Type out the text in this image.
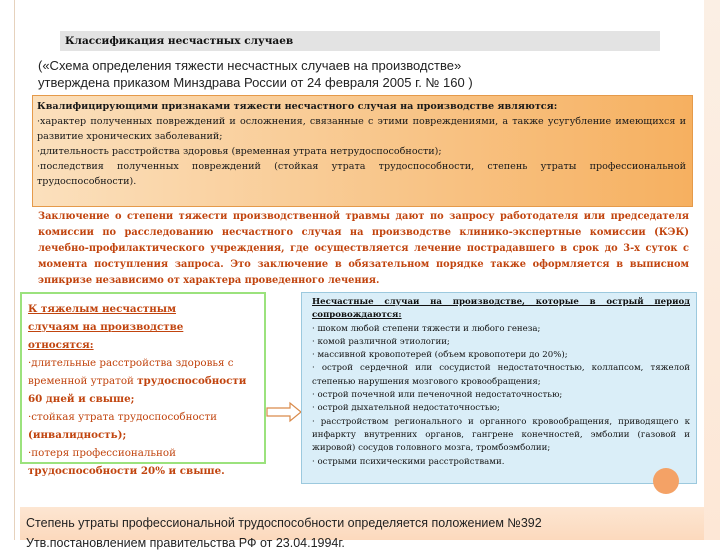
Классификация несчастных случаев
(«Схема определения тяжести несчастных случаев на производстве»
утверждена приказом Минздрава России от 24 февраля 2005 г. № 160 )
Квалифицирующими признаками тяжести несчастного случая на производстве являются:
·характер полученных повреждений и осложнения, связанные с этими повреждениями, а также усугубление имеющихся и развитие хронических заболеваний;
·длительность расстройства здоровья (временная утрата нетрудоспособности);
·последствия полученных повреждений (стойкая утрата трудоспособности, степень утраты профессиональной трудоспособности).
Заключение о степени тяжести производственной травмы дают по запросу работодателя или председателя комиссии по расследованию несчастного случая на производстве клинико-экспертные комиссии (КЭК) лечебно-профилактического учреждения, где осуществляется лечение пострадавшего в срок до 3-х суток с момента поступления запроса. Это заключение в обязательном порядке также оформляется в выписном эпикризе независимо от характера проведенного лечения.
К тяжелым несчастным
случаям на производстве
относятся:
·длительные расстройства здоровья с временной утратой трудоспособности 60 дней и свыше;
·стойкая утрата трудоспособности (инвалидность);
·потеря профессиональной трудоспособности 20% и свыше.
Несчастные случаи на производстве, которые в острый период
сопровождаются:
· шоком любой степени тяжести и любого генеза;
· комой различной этиологии;
· массивной кровопотерей (объем кровопотери до 20%);
· острой сердечной или сосудистой недостаточностью, коллапсом, тяжелой степенью нарушения мозгового кровообращения;
· острой почечной или печеночной недостаточностью;
· острой дыхательной недостаточностью;
· расстройством регионального и органного кровообращения, приводящего к инфаркту внутренних органов, гангрене конечностей, эмболии (газовой и жировой) сосудов головного мозга, тромбоэмболии;
· острыми психическими расстройствами.
Степень утраты профессиональной трудоспособности определяется положением №392
Утв.постановлением правительства РФ от 23.04.1994г.
